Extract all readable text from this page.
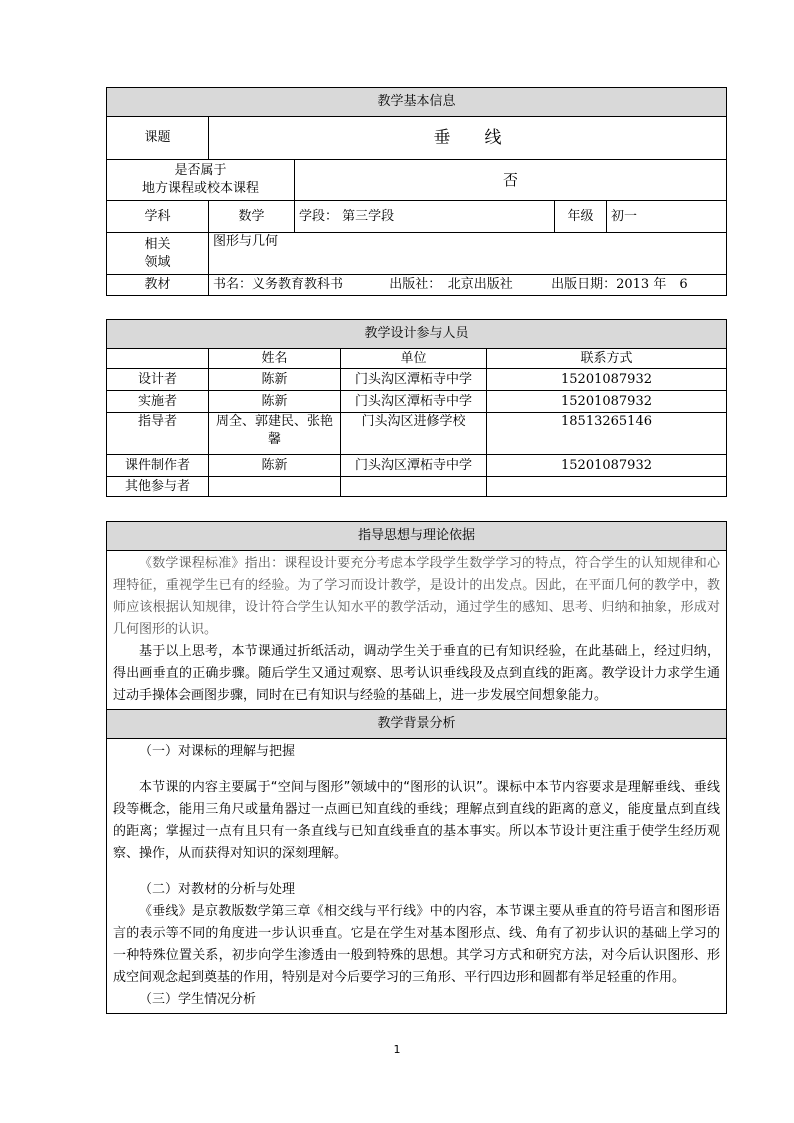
教学基本信息				
课题	垂　　线			

是否属于
地方课程或校本课程		否		
学科	数学	学段： 第三学段	年级	初一

相关
领域	图形与几何			
教材	书名：义务教育教科书 出版社：　北京出版社 出版日期：2013 年　6			
教学设计参与人员			
	姓名	单位	联系方式
设计者	陈新	门头沟区潭柘寺中学	15201087932
实施者	陈新	门头沟区潭柘寺中学	15201087932
指导者	周全、郭建民、张艳馨	门头沟区进修学校	18513265146
课件制作者	陈新	门头沟区潭柘寺中学	15201087932
其他参与者			
指导思想与理论依据

《数学课程标准》指出：课程设计要充分考虑本学段学生数学学习的特点，符合学生的认知规律和心理特征，重视学生已有的经验。为了学习而设计教学，是设计的出发点。因此，在平面几何的教学中，教师应该根据认知规律，设计符合学生认知水平的教学活动，通过学生的感知、思考、归纳和抽象，形成对几何图形的认识。

基于以上思考，本节课通过折纸活动，调动学生关于垂直的已有知识经验，在此基础上，经过归纳，得出画垂直的正确步骤。随后学生又通过观察、思考认识垂线段及点到直线的距离。教学设计力求学生通过动手操体会画图步骤，同时在已有知识与经验的基础上，进一步发展空间想象能力。

教学背景分析

（一）对课标的理解与把握

本节课的内容主要属于“空间与图形”领域中的“图形的认识”。课标中本节内容要求是理解垂线、垂线段等概念，能用三角尺或量角器过一点画已知直线的垂线；理解点到直线的距离的意义，能度量点到直线的距离；掌握过一点有且只有一条直线与已知直线垂直的基本事实。所以本节设计更注重于使学生经历观察、操作，从而获得对知识的深刻理解。

（二）对教材的分析与处理

《垂线》是京教版数学第三章《相交线与平行线》中的内容，本节课主要从垂直的符号语言和图形语言的表示等不同的角度进一步认识垂直。它是在学生对基本图形点、线、角有了初步认识的基础上学习的一种特殊位置关系，初步向学生渗透由一般到特殊的思想。其学习方式和研究方法，对今后认识图形、形成空间观念起到奠基的作用，特别是对今后要学习的三角形、平行四边形和圆都有举足轻重的作用。

（三）学生情况分析

1
